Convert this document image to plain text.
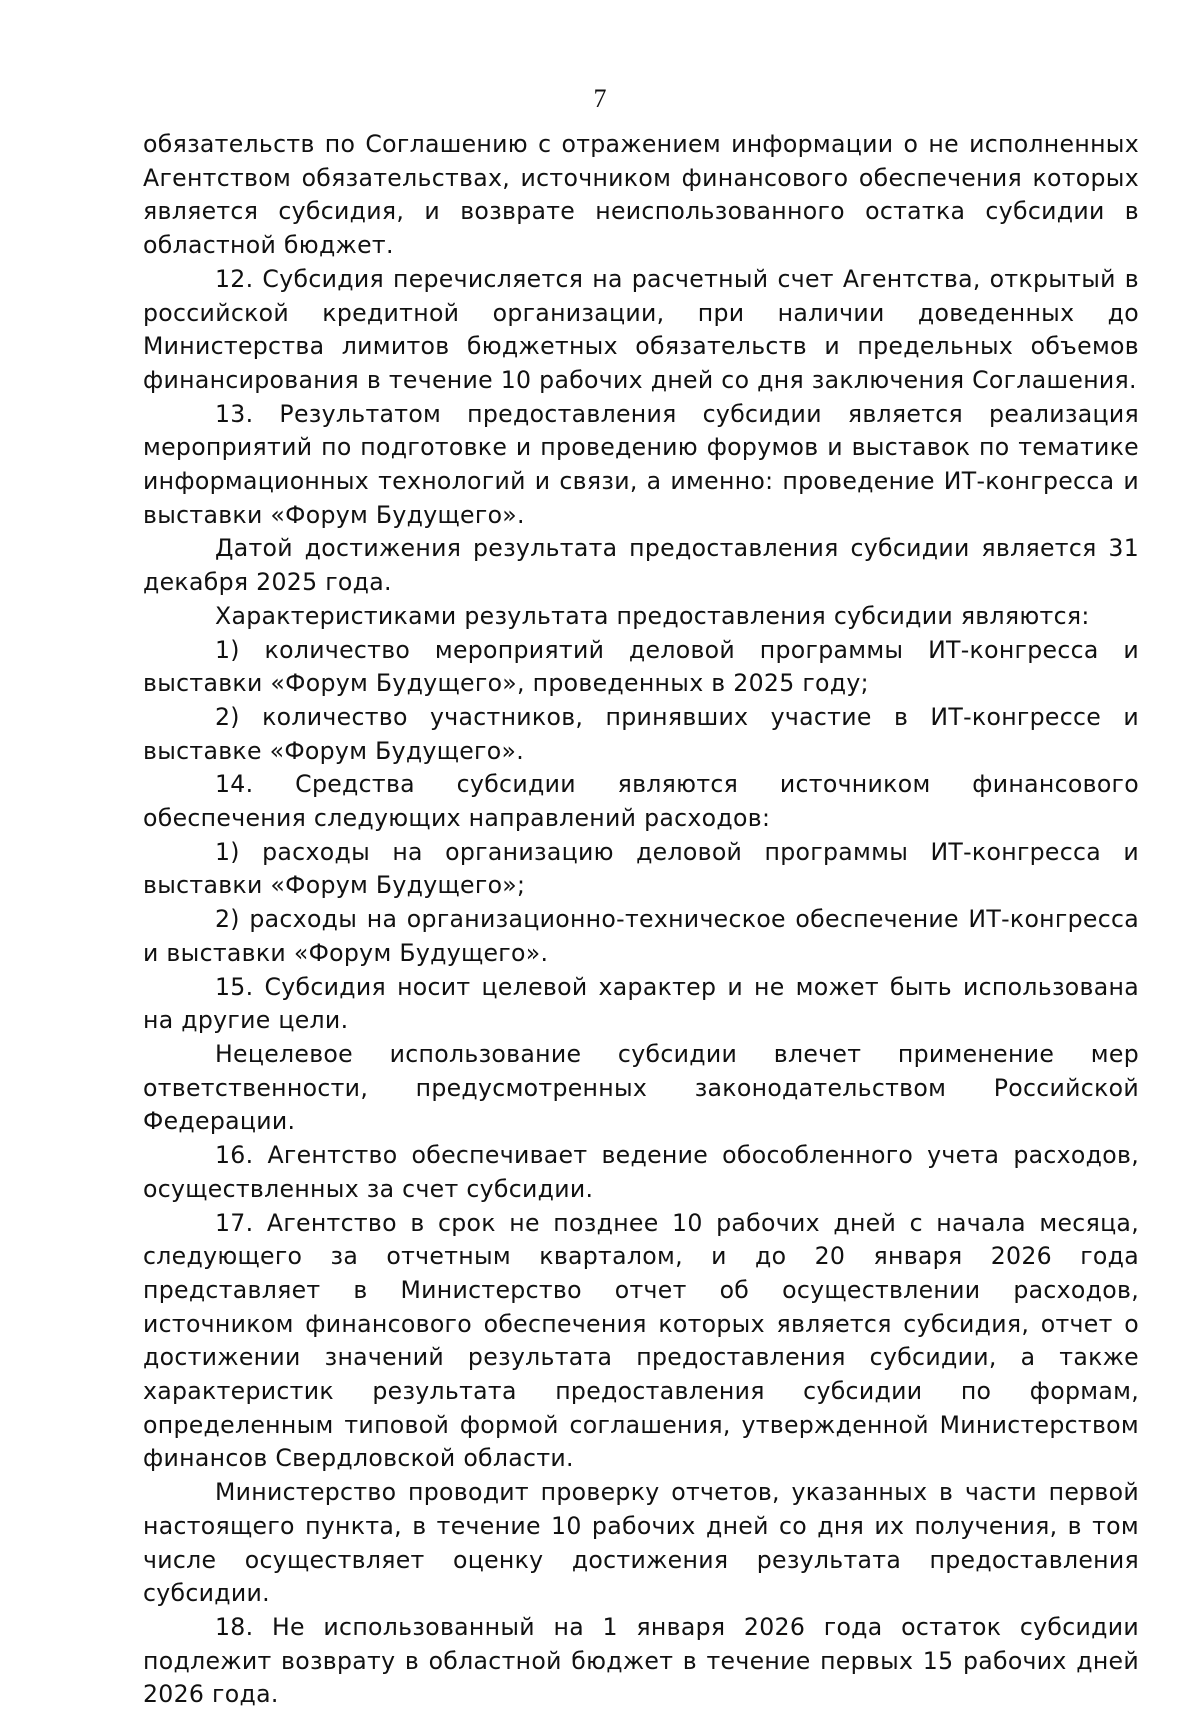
7

обязательств по Соглашению с отражением информации о не исполненных Агентством обязательствах, источником финансового обеспечения которых является субсидия, и возврате неиспользованного остатка субсидии в областной бюджет.

12. Субсидия перечисляется на расчетный счет Агентства, открытый в российской кредитной организации, при наличии доведенных до Министерства лимитов бюджетных обязательств и предельных объемов финансирования в течение 10 рабочих дней со дня заключения Соглашения.

13. Результатом предоставления субсидии является реализация мероприятий по подготовке и проведению форумов и выставок по тематике информационных технологий и связи, а именно: проведение ИТ-конгресса и выставки «Форум Будущего».

Датой достижения результата предоставления субсидии является 31 декабря 2025 года.

Характеристиками результата предоставления субсидии являются:

1) количество мероприятий деловой программы ИТ-конгресса и выставки «Форум Будущего», проведенных в 2025 году;

2) количество участников, принявших участие в ИТ-конгрессе и выставке «Форум Будущего».

14. Средства субсидии являются источником финансового обеспечения следующих направлений расходов:

1) расходы на организацию деловой программы ИТ-конгресса и выставки «Форум Будущего»;

2) расходы на организационно-техническое обеспечение ИТ-конгресса и выставки «Форум Будущего».

15. Субсидия носит целевой характер и не может быть использована на другие цели.

Нецелевое использование субсидии влечет применение мер ответственности, предусмотренных законодательством Российской Федерации.

16. Агентство обеспечивает ведение обособленного учета расходов, осуществленных за счет субсидии.

17. Агентство в срок не позднее 10 рабочих дней с начала месяца, следующего за отчетным кварталом, и до 20 января 2026 года представляет в Министерство отчет об осуществлении расходов, источником финансового обеспечения которых является субсидия, отчет о достижении значений результата предоставления субсидии, а также характеристик результата предоставления субсидии по формам, определенным типовой формой соглашения, утвержденной Министерством финансов Свердловской области.

Министерство проводит проверку отчетов, указанных в части первой настоящего пункта, в течение 10 рабочих дней со дня их получения, в том числе осуществляет оценку достижения результата предоставления субсидии.

18. Не использованный на 1 января 2026 года остаток субсидии подлежит возврату в областной бюджет в течение первых 15 рабочих дней 2026 года.
